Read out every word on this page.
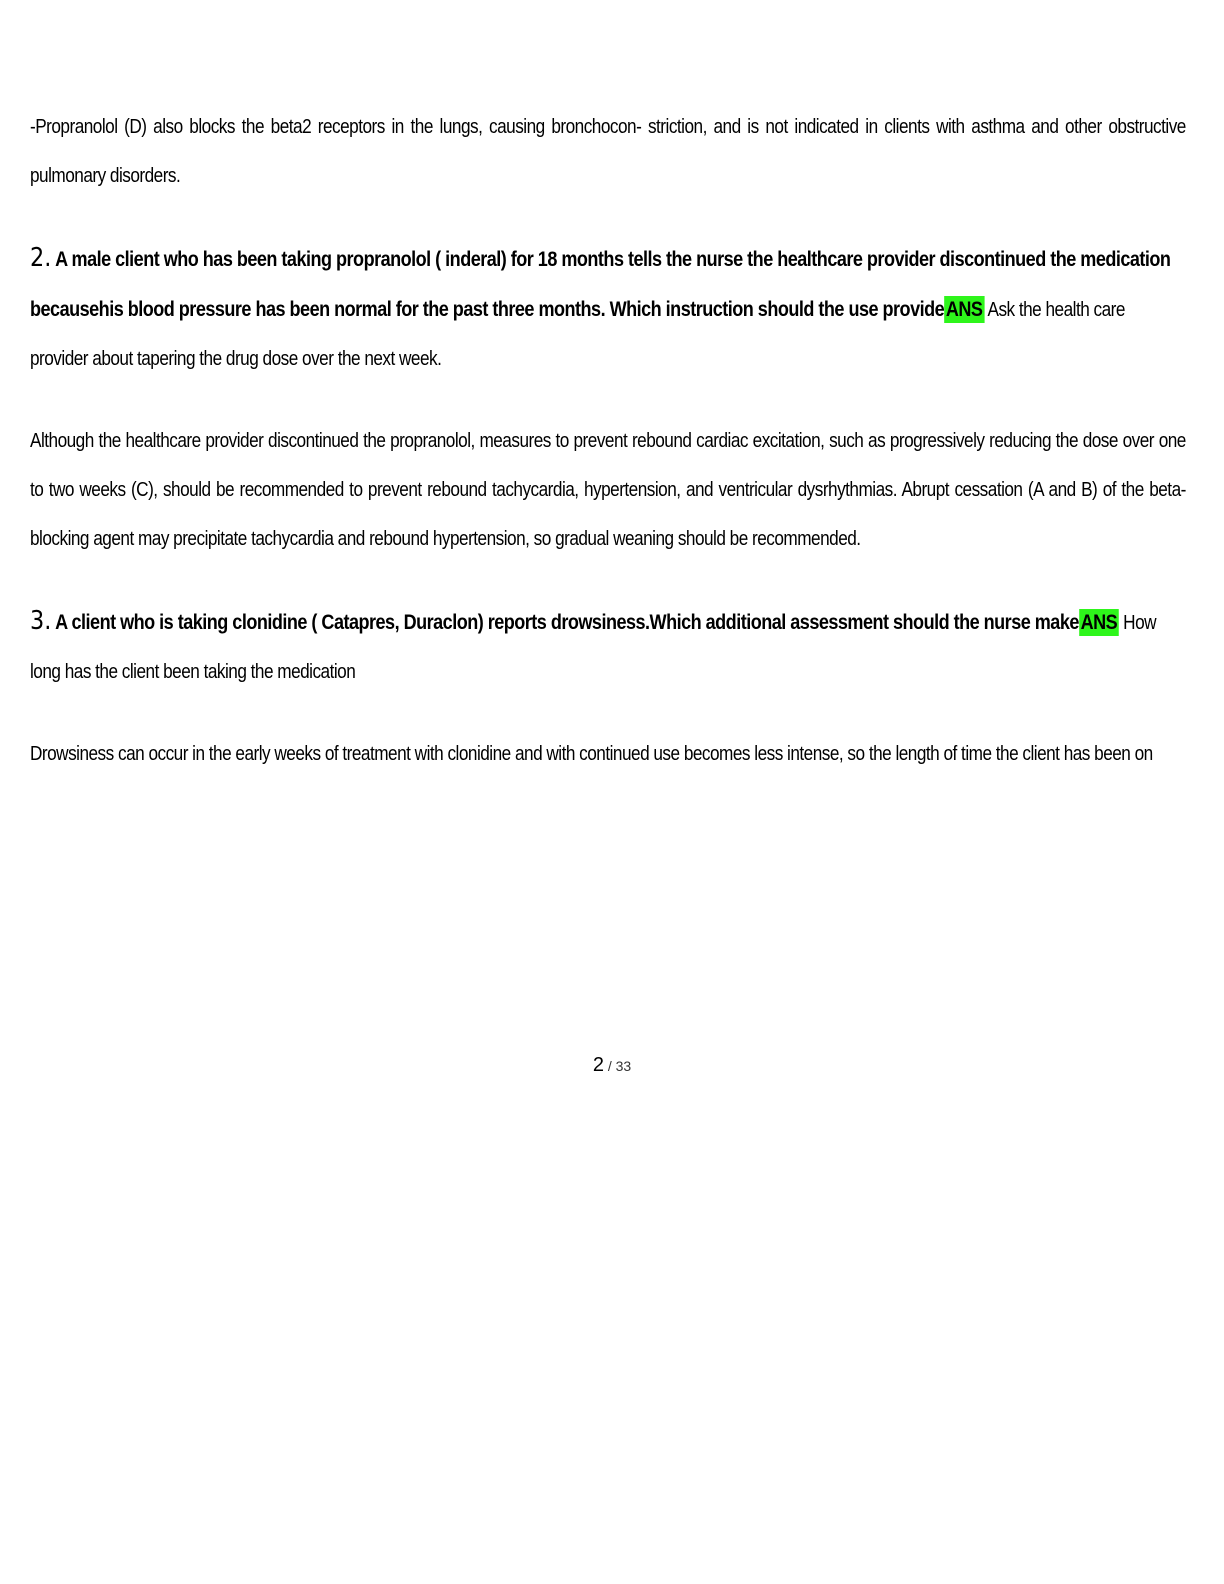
-Propranolol (D) also blocks the beta2 receptors in the lungs, causing bronchocon- striction, and is not indicated in clients with asthma and other obstructive pulmonary disorders.

2. A male client who has been taking propranolol ( inderal) for 18 months tells the nurse the healthcare provider discontinued the medication becausehis blood pressure has been normal for the past three months. Which instruction should the use provideANS Ask the health care provider about tapering the drug dose over the next week.

Although the healthcare provider discontinued the propranolol, measures to prevent rebound cardiac excitation, such as progressively reducing the dose over one to two weeks (C), should be recommended to prevent rebound tachycardia, hypertension, and ventricular dysrhythmias. Abrupt cessation (A and B) of the beta-blocking agent may precipitate tachycardia and rebound hypertension, so gradual weaning should be recommended.

3. A client who is taking clonidine ( Catapres, Duraclon) reports drowsiness.Which additional assessment should the nurse makeANS How long has the client been taking the medication

Drowsiness can occur in the early weeks of treatment with clonidine and with continued use becomes less intense, so the length of time the client has been on

2 / 33
